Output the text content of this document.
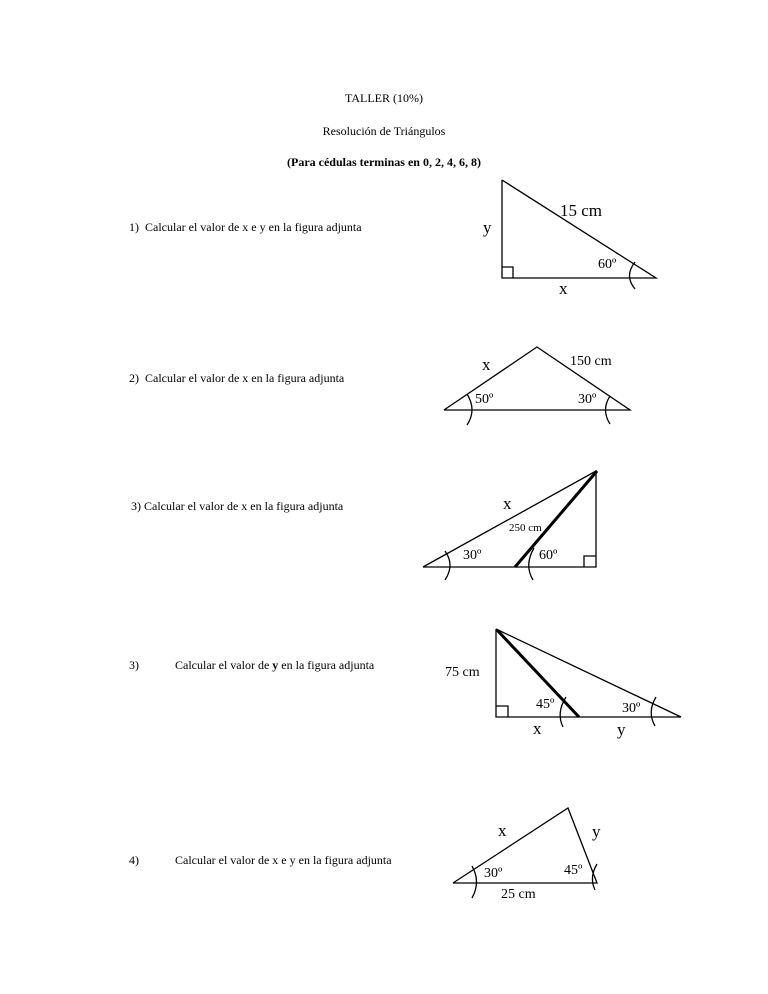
TALLER (10%)
Resolución de Triángulos
(Para cédulas terminas en 0, 2, 4, 6, 8)
1) Calcular el valor de x e y en la figura adjunta
2) Calcular el valor de x en la figura adjunta
3) Calcular el valor de x en la figura adjunta
3)	Calcular el valor de y en la figura adjunta
4)	Calcular el valor de x e y en la figura adjunta
15 cm
y
60º
x
x	150 cm
50º	30º
x
250 cm
30º	60º
75 cm
45º	30º
x	y
x	y
30º	45º
25 cm
